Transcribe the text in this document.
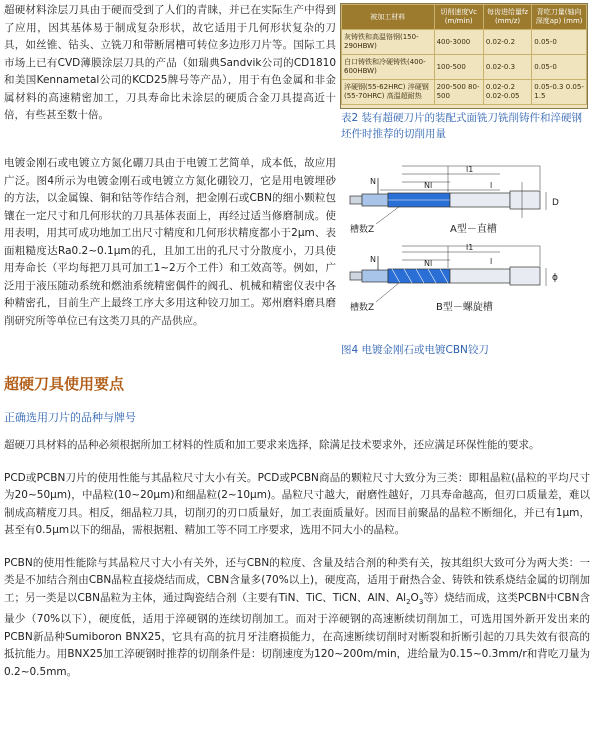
超硬材料涂层刀具由于硬而受到了人们的青睐，并已在实际生产中得到了应用，因其基体易于制成复杂形状，故它适用于几何形状复杂的刀具，如丝锥、钻头、立铣刀和带断屑槽可转位多边形刀片等。国际工具市场上已有CVD薄膜涂层刀具的产品（如瑞典Sandvik公司的CD1810和美国Kennametal公司的KCD25牌号等产品），用于有色金属和非金属材料的高速精密加工，刀具寿命比未涂层的硬质合金刀具提高近十倍，有些甚至数十倍。

被加工材料	切削速度Vc (m/min)	每齿进给量fz (mm/z)	背吃刀量(轴向深度ap) (mm)
灰铸铁和高温铬钢(150-290HBW)	400-3000	0.02-0.2	0.05-0
白口铸铁和冷硬铸铁(400-600HBW)	100-500	0.02-0.3	0.05-0
淬硬钢(55-62HRC) 淬硬钢(55-70HRC) 高温超耐热	200-500 80-500	0.02-0.2 0.02-0.05	0.05-0.3 0.05-1.5
表2 装有超硬刀片的装配式面铣刀铣削铸件和淬硬钢坯件时推荐的切削用量

电镀金刚石或电镀立方氮化硼刀具由于电镀工艺简单，成本低，故应用广泛。图4所示为电镀金刚石或电镀立方氮化硼铰刀，它是用电镀埋砂的方法，以金属镍、铜和钴等作结合剂，把金刚石或CBN的细小颗粒包镶在一定尺寸和几何形状的刀具基体表面上，再经过适当修磨制成。使用表明，用其可成功地加工出尺寸精度和几何形状精度都小于2μm、表面粗糙度达Ra0.2~0.1μm的孔，且加工出的孔尺寸分散度小，刀具使用寿命长（平均每把刀具可加工1~2万个工件）和工效高等。例如，广泛用于液压随动系统和燃油系统精密偶件的阀孔、机械和精密仪表中各种精密孔，目前生产上最终工序大多用这种铰刀加工。郑州磨料磨具磨削研究所等单位已有这类刀具的产品供应。

N	Nl
l1
l
D
槽数Z	A型－直槽
N	Nl
l1
l
ϕ
槽数Z	B型－螺旋槽
图4 电镀金刚石或电镀CBN铰刀
超硬刀具使用要点
正确选用刀片的品种与牌号

超硬刀具材料的品种必须根据所加工材料的性质和加工要求来选择，除满足技术要求外，还应满足环保性能的要求。

PCD或PCBN刀片的使用性能与其晶粒尺寸大小有关。PCD或PCBN商品的颗粒尺寸大致分为三类：即粗晶粒(晶粒的平均尺寸为20~50μm)，中晶粒(10~20μm)和细晶粒(2~10μm)。晶粒尺寸越大，耐磨性越好，刀具寿命越高，但刃口质量差，难以制成高精度刀具。相反，细晶粒刀具，切削刃的刃口质量好，加工表面质量好。因而目前聚晶的晶粒不断细化，并已有1μm，甚至有0.5μm以下的细晶，需根据粗、精加工等不同工序要求，选用不同大小的晶粒。

PCBN的使用性能除与其晶粒尺寸大小有关外，还与CBN的粒度、含量及结合剂的种类有关，按其组织大致可分为两大类：一类是不加结合剂由CBN晶粒直接烧结而成，CBN含量多(70%以上)，硬度高，适用于耐热合金、铸铁和铁系烧结金属的切削加工；另一类是以CBN晶粒为主体，通过陶瓷结合剂（主要有TiN、TiC、TiCN、AlN、$Al_2O_3$等）烧结而成，这类PCBN中CBN含量少（70%以下），硬度低，适用于淬硬钢的连续切削加工。而对于淬硬钢的高速断续切削加工，可选用国外新开发出来的PCBN新品种Sumiboron BNX25，它具有高的抗月牙洼磨损能力，在高速断续切削时对断裂和折断引起的刀具失效有很高的抵抗能力。用BNX25加工淬硬钢时推荐的切削条件是：切削速度为120~200m/min，进给量为0.15~0.3mm/r和背吃刀量为0.2~0.5mm。
